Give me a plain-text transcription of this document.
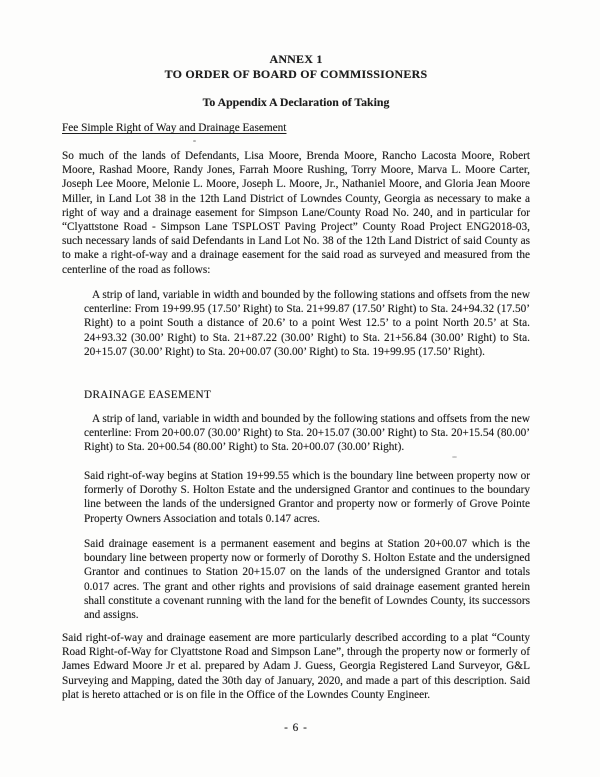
ANNEX 1
TO ORDER OF BOARD OF COMMISSIONERS
To Appendix A Declaration of Taking
Fee Simple Right of Way and Drainage Easement
So much of the lands of Defendants, Lisa Moore, Brenda Moore, Rancho Lacosta Moore, Robert Moore, Rashad Moore, Randy Jones, Farrah Moore Rushing, Torry Moore, Marva L. Moore Carter, Joseph Lee Moore, Melonie L. Moore, Joseph L. Moore, Jr., Nathaniel Moore, and Gloria Jean Moore Miller, in Land Lot 38 in the 12th Land District of Lowndes County, Georgia as necessary to make a right of way and a drainage easement for Simpson Lane/County Road No. 240, and in particular for “Clyattstone Road - Simpson Lane TSPLOST Paving Project” County Road Project ENG2018-03, such necessary lands of said Defendants in Land Lot No. 38 of the 12th Land District of said County as to make a right-of-way and a drainage easement for the said road as surveyed and measured from the centerline of the road as follows:
A strip of land, variable in width and bounded by the following stations and offsets from the new centerline: From 19+99.95 (17.50’ Right) to Sta. 21+99.87 (17.50’ Right) to Sta. 24+94.32 (17.50’ Right) to a point South a distance of 20.6’ to a point West 12.5’ to a point North 20.5’ at Sta. 24+93.32 (30.00’ Right) to Sta. 21+87.22 (30.00’ Right) to Sta. 21+56.84 (30.00’ Right) to Sta. 20+15.07 (30.00’ Right) to Sta. 20+00.07 (30.00’ Right) to Sta. 19+99.95 (17.50’ Right).
DRAINAGE EASEMENT
A strip of land, variable in width and bounded by the following stations and offsets from the new centerline: From 20+00.07 (30.00’ Right) to Sta. 20+15.07 (30.00’ Right) to Sta. 20+15.54 (80.00’ Right) to Sta. 20+00.54 (80.00’ Right) to Sta. 20+00.07 (30.00’ Right).
Said right-of-way begins at Station 19+99.55 which is the boundary line between property now or formerly of Dorothy S. Holton Estate and the undersigned Grantor and continues to the boundary line between the lands of the undersigned Grantor and property now or formerly of Grove Pointe Property Owners Association and totals 0.147 acres.
Said drainage easement is a permanent easement and begins at Station 20+00.07 which is the boundary line between property now or formerly of Dorothy S. Holton Estate and the undersigned Grantor and continues to Station 20+15.07 on the lands of the undersigned Grantor and totals 0.017 acres. The grant and other rights and provisions of said drainage easement granted herein shall constitute a covenant running with the land for the benefit of Lowndes County, its successors and assigns.
Said right-of-way and drainage easement are more particularly described according to a plat “County Road Right-of-Way for Clyattstone Road and Simpson Lane”, through the property now or formerly of James Edward Moore Jr et al. prepared by Adam J. Guess, Georgia Registered Land Surveyor, G&L Surveying and Mapping, dated the 30th day of January, 2020, and made a part of this description. Said plat is hereto attached or is on file in the Office of the Lowndes County Engineer.
- 6 -
